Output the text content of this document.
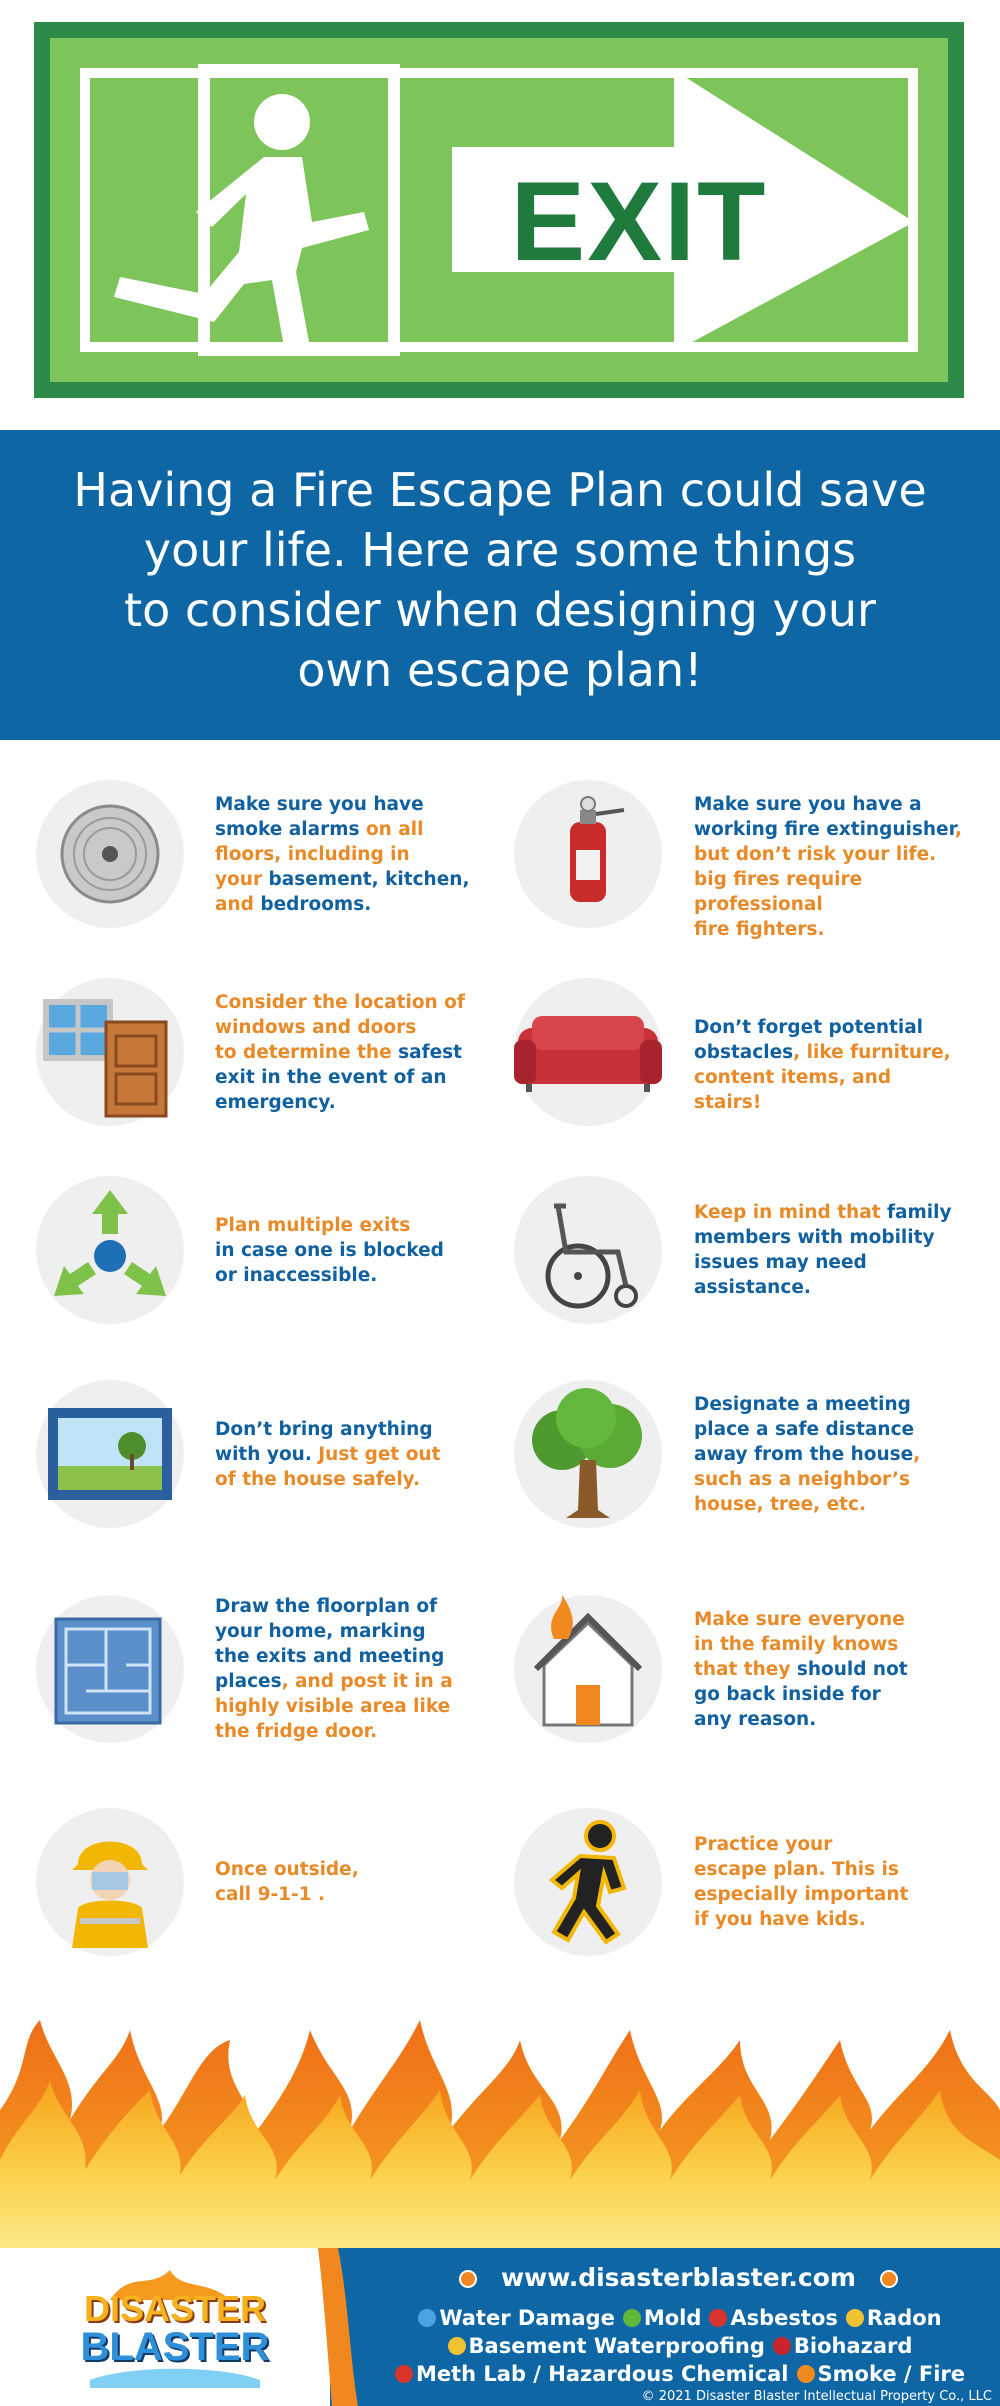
EXIT
Having a Fire Escape Plan could save
your life. Here are some things
to consider when designing your
own escape plan!
Make sure you have
smoke alarms on all
floors, including in
your basement, kitchen,
and bedrooms.
Make sure you have a
working fire extinguisher,
but don’t risk your life.
big fires require professional
fire fighters.
Consider the location of
windows and doors
to determine the safest
exit in the event of an
emergency.
Don’t forget potential
obstacles, like furniture,
content items, and stairs!
Plan multiple exits
in case one is blocked
or inaccessible.
Keep in mind that family
members with mobility
issues may need
assistance.
Don’t bring anything
with you. Just get out
of the house safely.
Designate a meeting
place a safe distance
away from the house,
such as a neighbor’s
house, tree, etc.
Draw the floorplan of
your home, marking
the exits and meeting
places, and post it in a
highly visible area like
the fridge door.
Make sure everyone
in the family knows
that they should not
go back inside for
any reason.
Once outside,
call 9-1-1 .
Practice your
escape plan. This is
especially important
if you have kids.
DISASTER
BLASTER
www.disasterblaster.com
Water Damage Mold Asbestos Radon
Basement Waterproofing Biohazard
Meth Lab / Hazardous Chemical Smoke / Fire
© 2021 Disaster Blaster Intellectual Property Co., LLC
